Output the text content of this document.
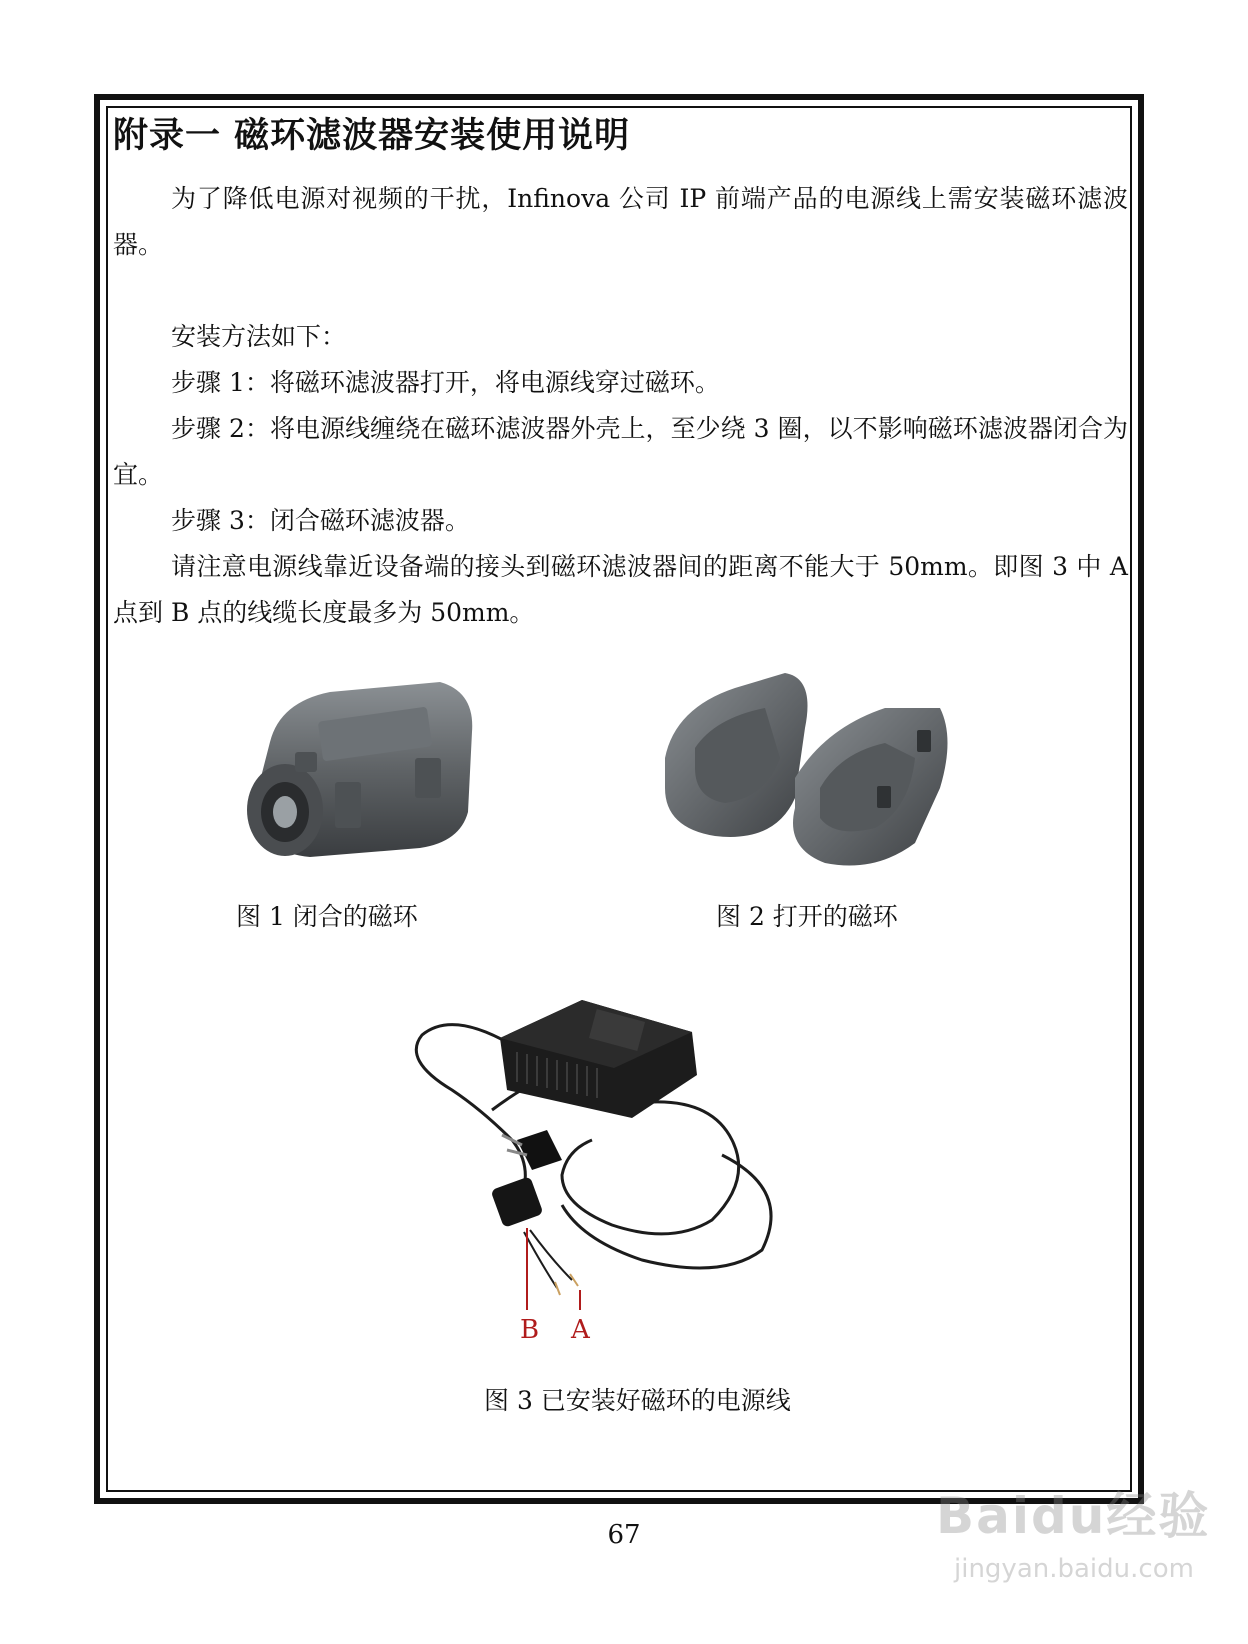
附录一 磁环滤波器安装使用说明

为了降低电源对视频的干扰，Infinova 公司 IP 前端产品的电源线上需安装磁环滤波器。

安装方法如下：

步骤 1：将磁环滤波器打开，将电源线穿过磁环。

步骤 2：将电源线缠绕在磁环滤波器外壳上，至少绕 3 圈，以不影响磁环滤波器闭合为宜。

步骤 3：闭合磁环滤波器。

请注意电源线靠近设备端的接头到磁环滤波器间的距离不能大于 50mm。即图 3 中 A 点到 B 点的线缆长度最多为 50mm。

图 1 闭合的磁环	图 2 打开的磁环
B A
图 3 已安装好磁环的电源线
67	Baidu经验
jingyan.baidu.com
